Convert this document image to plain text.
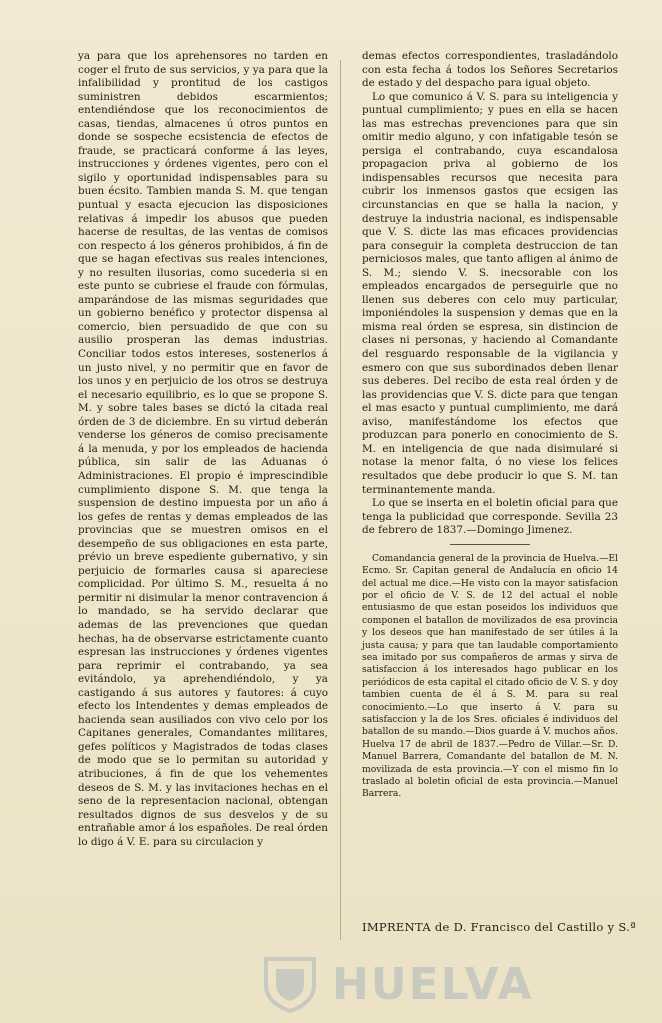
ya para que los aprehensores no tarden en coger el fruto de sus servicios, y ya para que la infalibilidad y prontitud de los castigos suministren debidos escarmientos; entendiéndose que los reconocimientos de casas, tiendas, almacenes ú otros puntos en donde se sospeche ecsistencia de efectos de fraude, se practicará conforme á las leyes, instrucciones y órdenes vigentes, pero con el sigilo y oportunidad indispensables para su buen écsito. Tambien manda S. M. que tengan puntual y esacta ejecucion las disposiciones relativas á impedir los abusos que pueden hacerse de resultas, de las ventas de comisos con respecto á los géneros prohibidos, á fin de que se hagan efectivas sus reales intenciones, y no resulten ilusorias, como sucederia si en este punto se cubriese el fraude con fórmulas, amparándose de las mismas seguridades que un gobierno benéfico y protector dispensa al comercio, bien persuadido de que con su ausilio prosperan las demas industrias. Conciliar todos estos intereses, sostenerlos á un justo nivel, y no permitir que en favor de los unos y en perjuicio de los otros se destruya el necesario equilibrio, es lo que se propone S. M. y sobre tales bases se dictó la citada real órden de 3 de diciembre. En su virtud deberán venderse los géneros de comiso precisamente á la menuda, y por los empleados de hacienda pública, sin salir de las Aduanas ó Administraciones. El propio é imprescindible cumplimiento dispone S. M. que tenga la suspension de destino impuesta por un año á los gefes de rentas y demas empleados de las provincias que se muestren omisos en el desempeño de sus obligaciones en esta parte, prévio un breve espediente gubernativo, y sin perjuicio de formarles causa si apareciese complicidad. Por último S. M., resuelta á no permitir ni disimular la menor contravencion á lo mandado, se ha servido declarar que ademas de las prevenciones que quedan hechas, ha de observarse estrictamente cuanto espresan las instrucciones y órdenes vigentes para reprimir el contrabando, ya sea evitándolo, ya aprehendiéndolo, y ya castigando á sus autores y fautores: á cuyo efecto los Intendentes y demas empleados de hacienda sean ausiliados con vivo celo por los Capitanes generales, Comandantes militares, gefes políticos y Magistrados de todas clases de modo que se lo permitan su autoridad y atribuciones, á fin de que los vehementes deseos de S. M. y las invitaciones hechas en el seno de la representacion nacional, obtengan resultados dignos de sus desvelos y de su entrañable amor á los españoles. De real órden lo digo á V. E. para su circulacion y

demas efectos correspondientes, trasladándolo con esta fecha á todos los Señores Secretarios de estado y del despacho para igual objeto.

Lo que comunico á V. S. para su inteligencia y puntual cumplimiento; y pues en ella se hacen las mas estrechas prevenciones para que sin omitir medio alguno, y con infatigable tesón se persiga el contrabando, cuya escandalosa propagacion priva al gobierno de los indispensables recursos que necesita para cubrir los inmensos gastos que ecsigen las circunstancias en que se halla la nacion, y destruye la industria nacional, es indispensable que V. S. dicte las mas eficaces providencias para conseguir la completa destruccion de tan perniciosos males, que tanto afligen al ánimo de S. M.; siendo V. S. inecsorable con los empleados encargados de perseguirle que no llenen sus deberes con celo muy particular, imponiéndoles la suspension y demas que en la misma real órden se espresa, sin distincion de clases ni personas, y haciendo al Comandante del resguardo responsable de la vigilancia y esmero con que sus subordinados deben llenar sus deberes. Del recibo de esta real órden y de las providencias que V. S. dicte para que tengan el mas esacto y puntual cumplimiento, me dará aviso, manifestándome los efectos que produzcan para ponerlo en conocimiento de S. M. en inteligencia de que nada disimularé si notase la menor falta, ó no viese los felices resultados que debe producir lo que S. M. tan terminantemente manda.

Lo que se inserta en el boletin oficial para que tenga la publicidad que corresponde. Sevilla 23 de febrero de 1837.—Domingo Jimenez.

Comandancia general de la provincia de Huelva.—El Ecmo. Sr. Capitan general de Andalucía en oficio 14 del actual me dice.—He visto con la mayor satisfacion por el oficio de V. S. de 12 del actual el noble entusiasmo de que estan poseidos los individuos que componen el batallon de movilizados de esa provincia y los deseos que han manifestado de ser útiles á la justa causa; y para que tan laudable comportamiento sea imitado por sus compañeros de armas y sirva de satisfaccion á los interesados hago publicar en los periódicos de esta capital el citado oficio de V. S. y doy tambien cuenta de él á S. M. para su real conocimiento.—Lo que inserto á V. para su satisfaccion y la de los Sres. oficiales é individuos del batallon de su mando.—Dios guarde á V. muchos años. Huelva 17 de abril de 1837.—Pedro de Villar.—Sr. D. Manuel Barrera, Comandante del batallon de M. N. movilizada de esta provincia.—Y con el mismo fin lo traslado al boletin oficial de esta provincia.—Manuel Barrera.

IMPRENTA de D. Francisco del Castillo y S.ª
HUELVA
